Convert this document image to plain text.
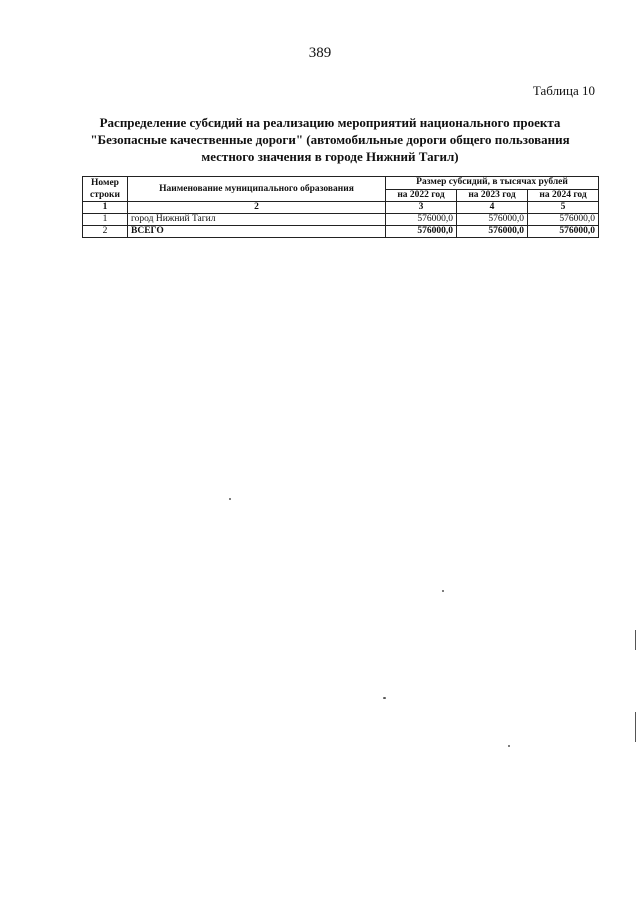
389
Таблица 10
Распределение субсидий на реализацию мероприятий национального проекта
"Безопасные качественные дороги" (автомобильные дороги общего пользования
местного значения в городе Нижний Тагил)
Номер строки	Наименование муниципального образования	Размер субсидий, в тысячах рублей		
		на 2022 год	на 2023 год	на 2024 год
1	2	3	4	5
1	город Нижний Тагил	576000,0	576000,0	576000,0
2	ВСЕГО	576000,0	576000,0	576000,0
